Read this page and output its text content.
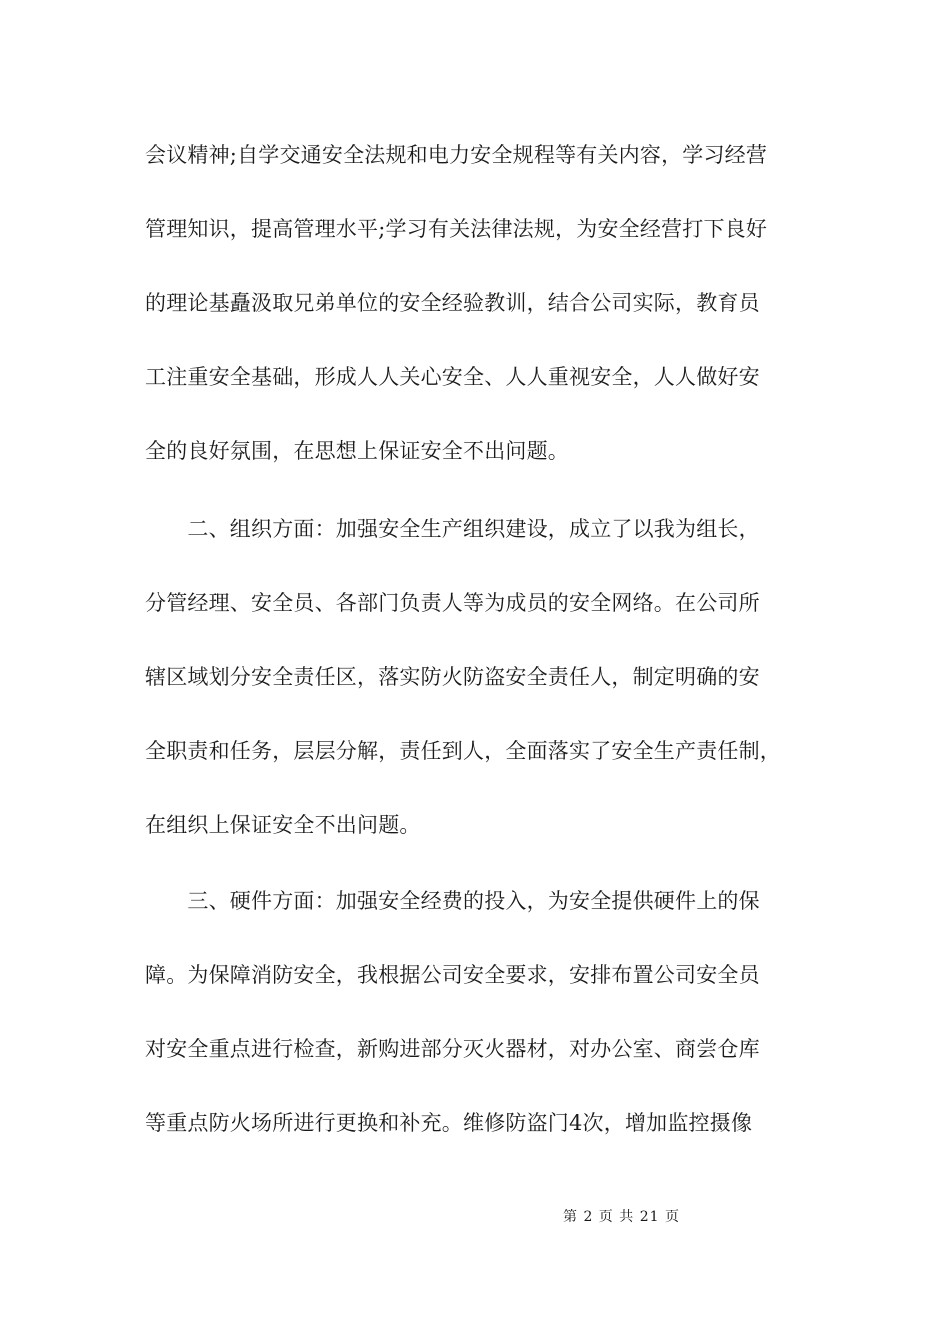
会议精神;自学交通安全法规和电力安全规程等有关内容，学习经营
管理知识，提高管理水平;学习有关法律法规，为安全经营打下良好
的理论基矗汲取兄弟单位的安全经验教训，结合公司实际，教育员
工注重安全基础，形成人人关心安全、人人重视安全，人人做好安
全的良好氛围，在思想上保证安全不出问题。
　　二、组织方面：加强安全生产组织建设，成立了以我为组长，
分管经理、安全员、各部门负责人等为成员的安全网络。在公司所
辖区域划分安全责任区，落实防火防盗安全责任人，制定明确的安
全职责和任务，层层分解，责任到人，全面落实了安全生产责任制，
在组织上保证安全不出问题。
　　三、硬件方面：加强安全经费的投入，为安全提供硬件上的保
障。为保障消防安全，我根据公司安全要求，安排布置公司安全员
对安全重点进行检查，新购进部分灭火器材，对办公室、商尝仓库
等重点防火场所进行更换和补充。维修防盗门4次，增加监控摄像
第 2 页 共 21 页
